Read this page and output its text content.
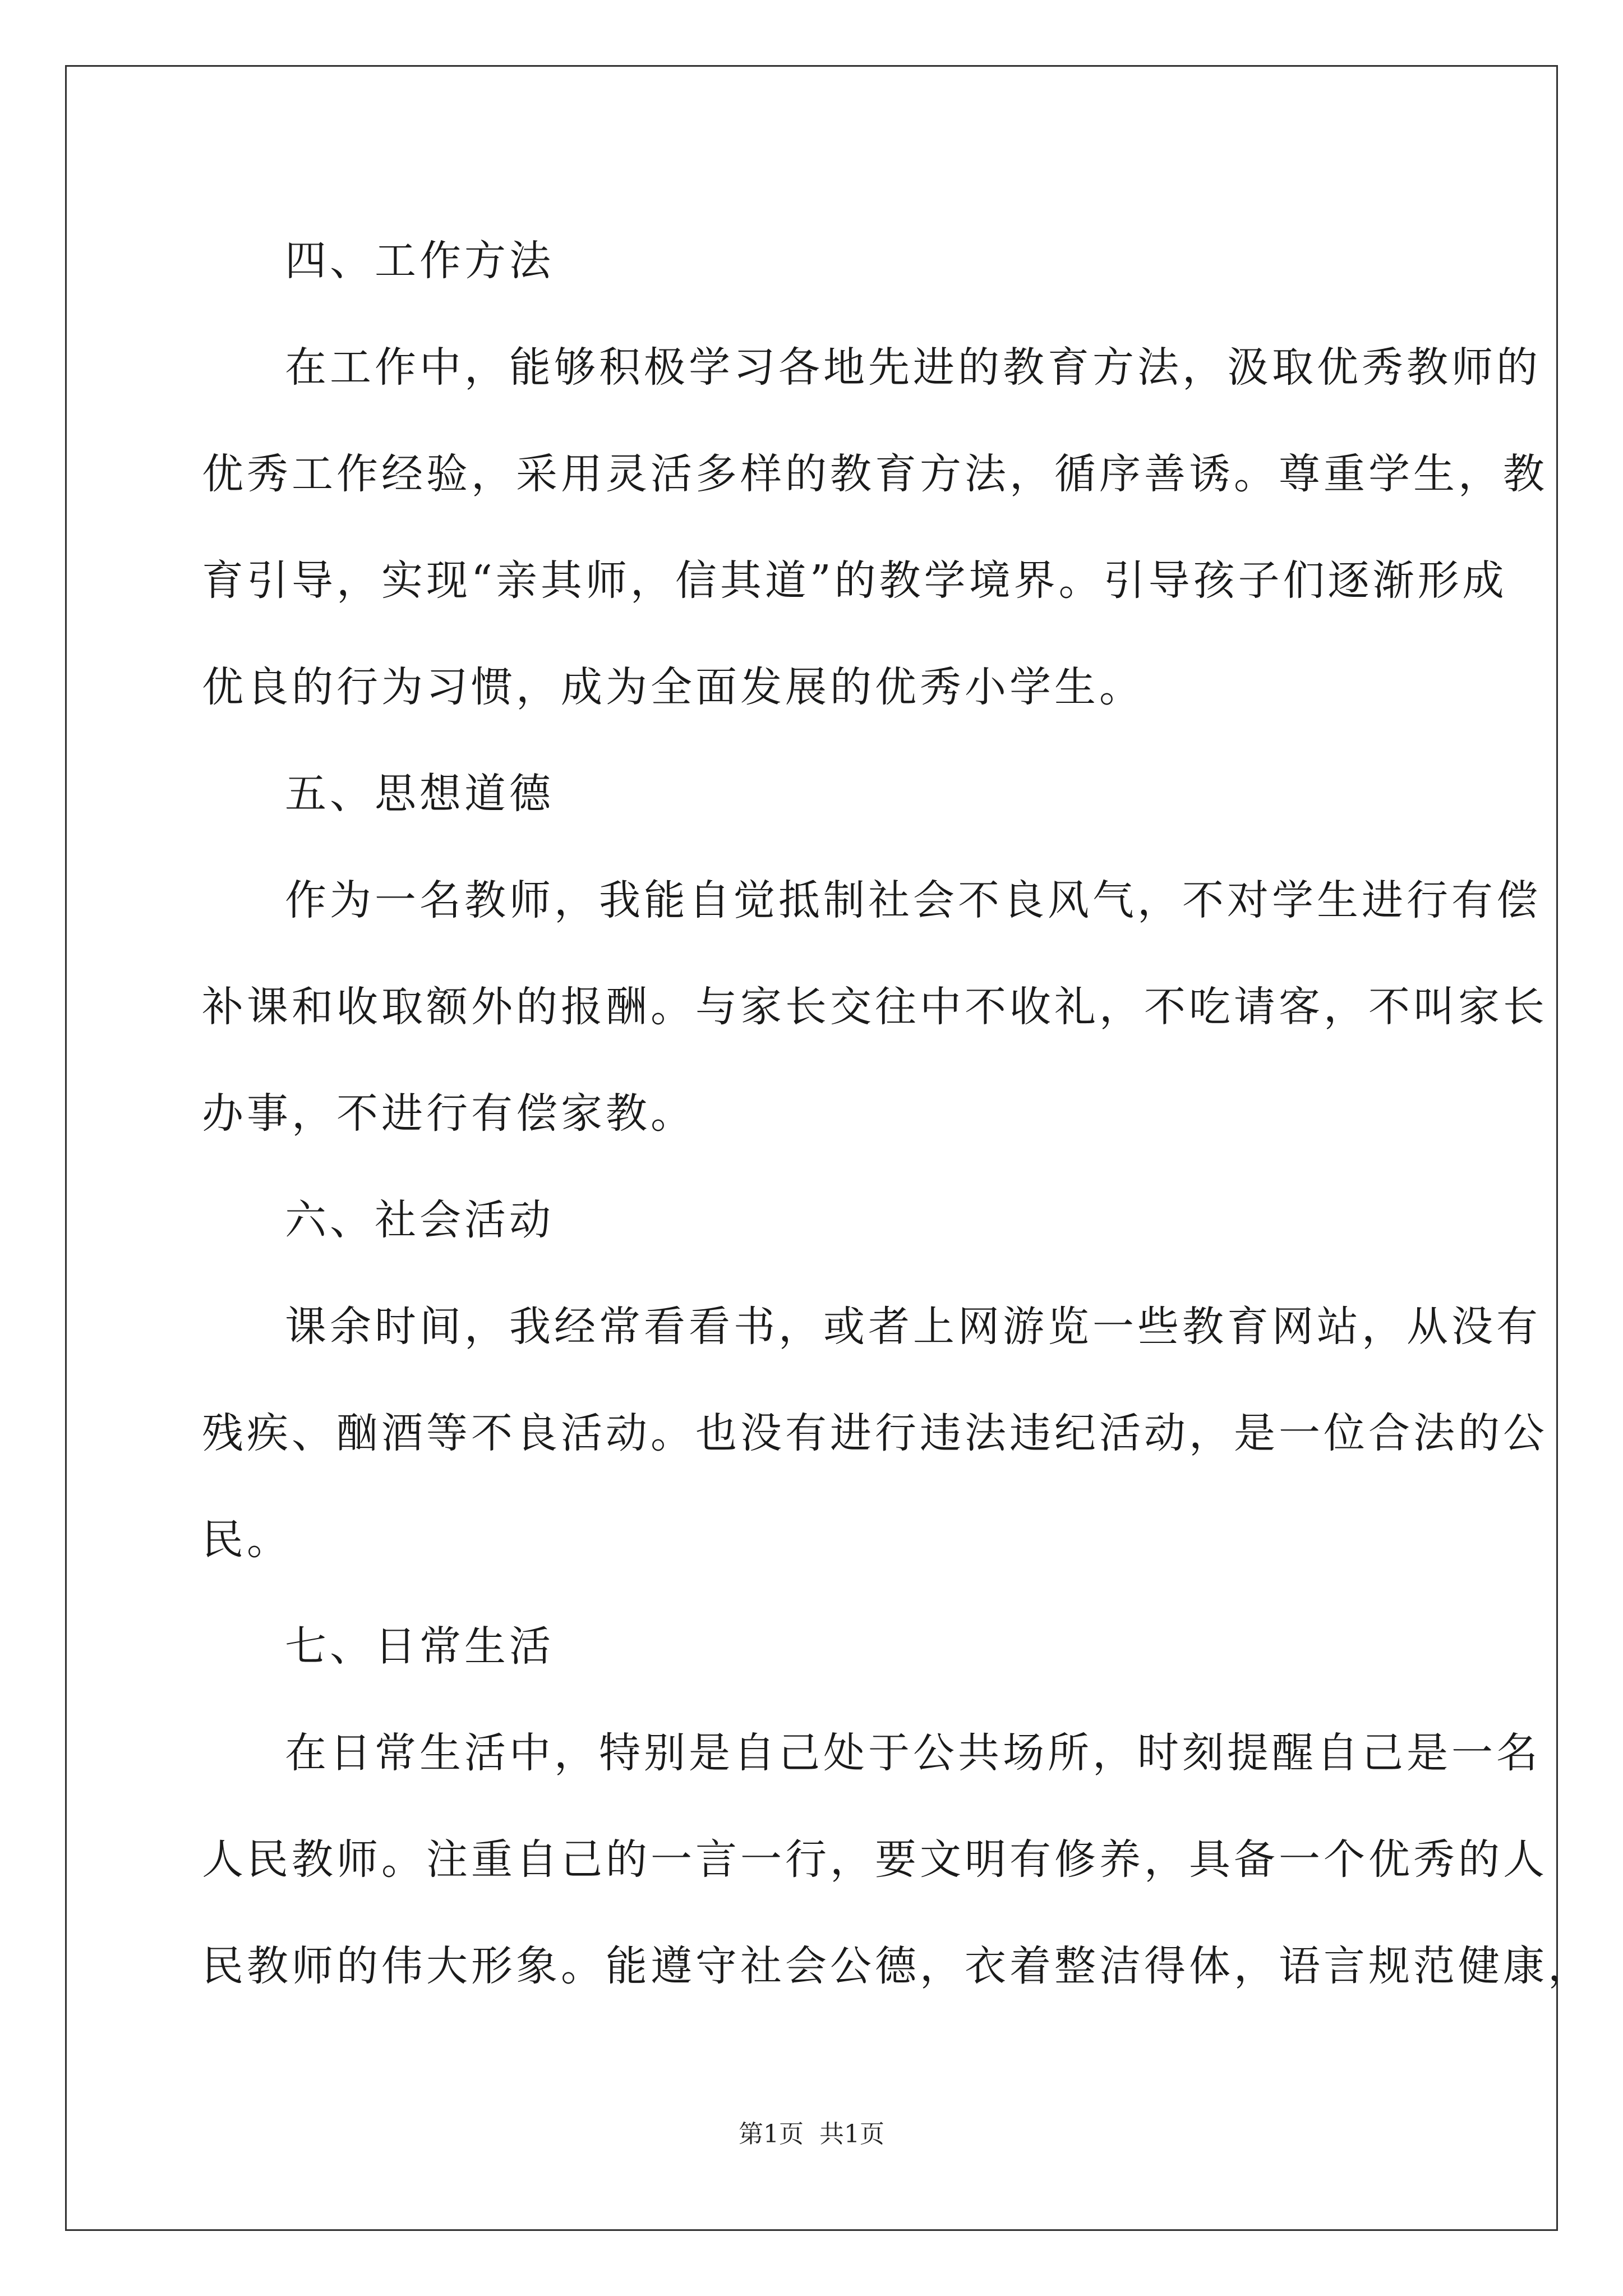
四、工作方法
在工作中，能够积极学习各地先进的教育方法，汲取优秀教师的
优秀工作经验，采用灵活多样的教育方法，循序善诱。尊重学生，教
育引导，实现“亲其师，信其道”的教学境界。引导孩子们逐渐形成
优良的行为习惯，成为全面发展的优秀小学生。
五、思想道德
作为一名教师，我能自觉抵制社会不良风气，不对学生进行有偿
补课和收取额外的报酬。与家长交往中不收礼，不吃请客，不叫家长
办事，不进行有偿家教。
六、社会活动
课余时间，我经常看看书，或者上网游览一些教育网站，从没有
残疾、酗酒等不良活动。也没有进行违法违纪活动，是一位合法的公
民。
七、日常生活
在日常生活中，特别是自己处于公共场所，时刻提醒自己是一名
人民教师。注重自己的一言一行，要文明有修养，具备一个优秀的人
民教师的伟大形象。能遵守社会公德，衣着整洁得体，语言规范健康，
第1页 共1页
